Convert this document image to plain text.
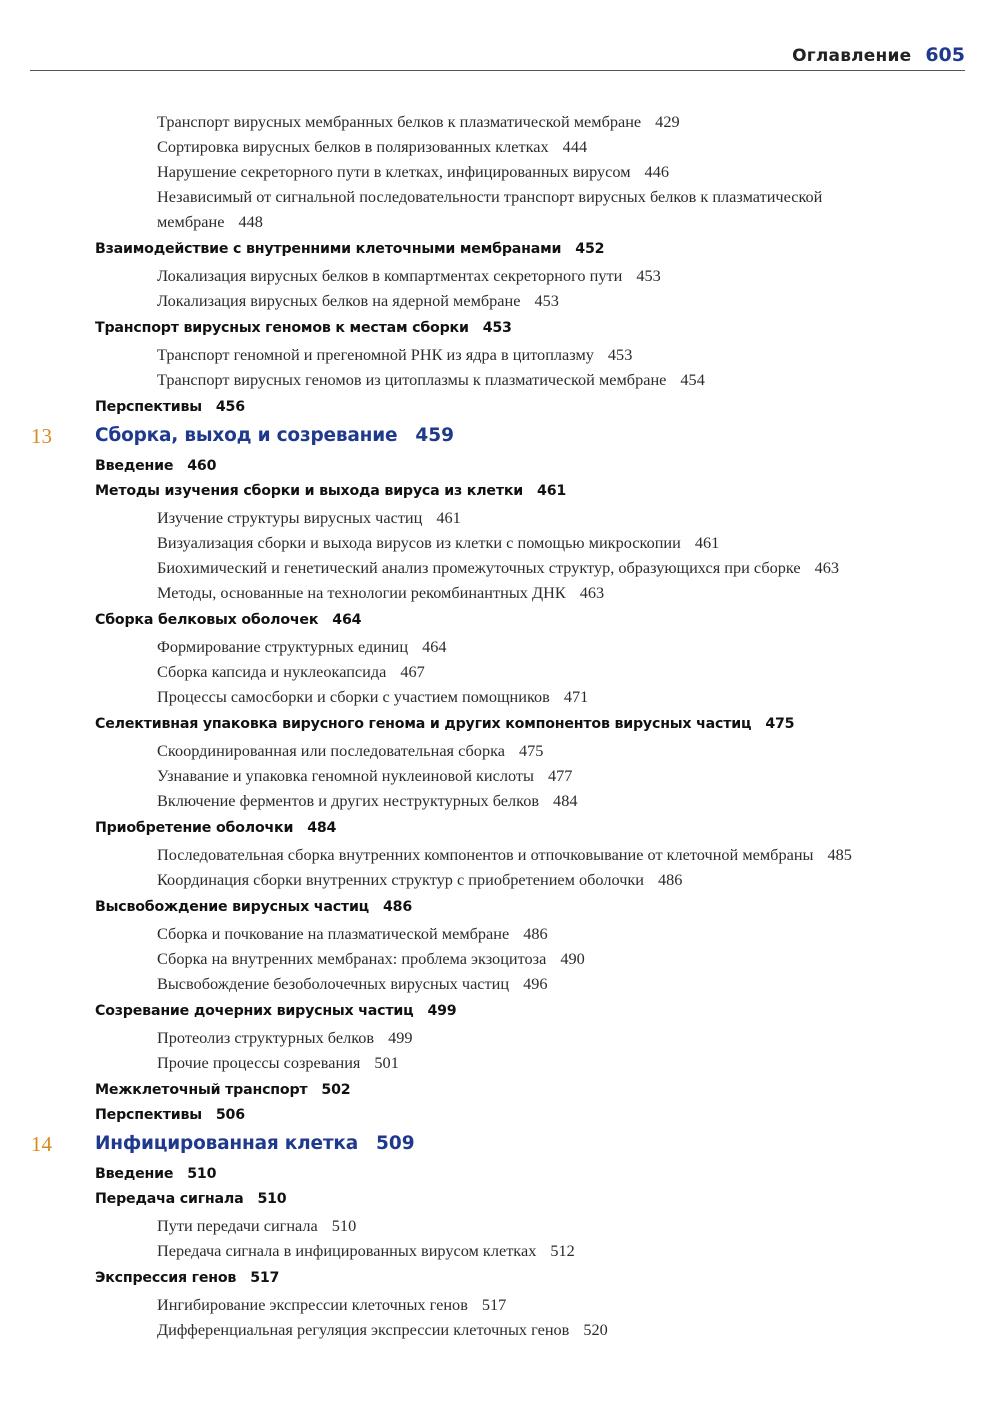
Оглавление 605
Транспорт вирусных мембранных белков к плазматической мембране 429
Сортировка вирусных белков в поляризованных клетках 444
Нарушение секреторного пути в клетках, инфицированных вирусом 446
Независимый от сигнальной последовательности транспорт вирусных белков к плазматической мембране 448
Взаимодействие с внутренними клеточными мембранами 452
Локализация вирусных белков в компартментах секреторного пути 453
Локализация вирусных белков на ядерной мембране 453
Транспорт вирусных геномов к местам сборки 453
Транспорт геномной и прегеномной РНК из ядра в цитоплазму 453
Транспорт вирусных геномов из цитоплазмы к плазматической мембране 454
Перспективы 456
13 Сборка, выход и созревание 459
Введение 460
Методы изучения сборки и выхода вируса из клетки 461
Изучение структуры вирусных частиц 461
Визуализация сборки и выхода вирусов из клетки с помощью микроскопии 461
Биохимический и генетический анализ промежуточных структур, образующихся при сборке 463
Методы, основанные на технологии рекомбинантных ДНК 463
Сборка белковых оболочек 464
Формирование структурных единиц 464
Сборка капсида и нуклеокапсида 467
Процессы самосборки и сборки с участием помощников 471
Селективная упаковка вирусного генома и других компонентов вирусных частиц 475
Скоординированная или последовательная сборка 475
Узнавание и упаковка геномной нуклеиновой кислоты 477
Включение ферментов и других неструктурных белков 484
Приобретение оболочки 484
Последовательная сборка внутренних компонентов и отпочковывание от клеточной мембраны 485
Координация сборки внутренних структур с приобретением оболочки 486
Высвобождение вирусных частиц 486
Сборка и почкование на плазматической мембране 486
Сборка на внутренних мембранах: проблема экзоцитоза 490
Высвобождение безоболочечных вирусных частиц 496
Созревание дочерних вирусных частиц 499
Протеолиз структурных белков 499
Прочие процессы созревания 501
Межклеточный транспорт 502
Перспективы 506
14 Инфицированная клетка 509
Введение 510
Передача сигнала 510
Пути передачи сигнала 510
Передача сигнала в инфицированных вирусом клетках 512
Экспрессия генов 517
Ингибирование экспрессии клеточных генов 517
Дифференциальная регуляция экспрессии клеточных генов 520
